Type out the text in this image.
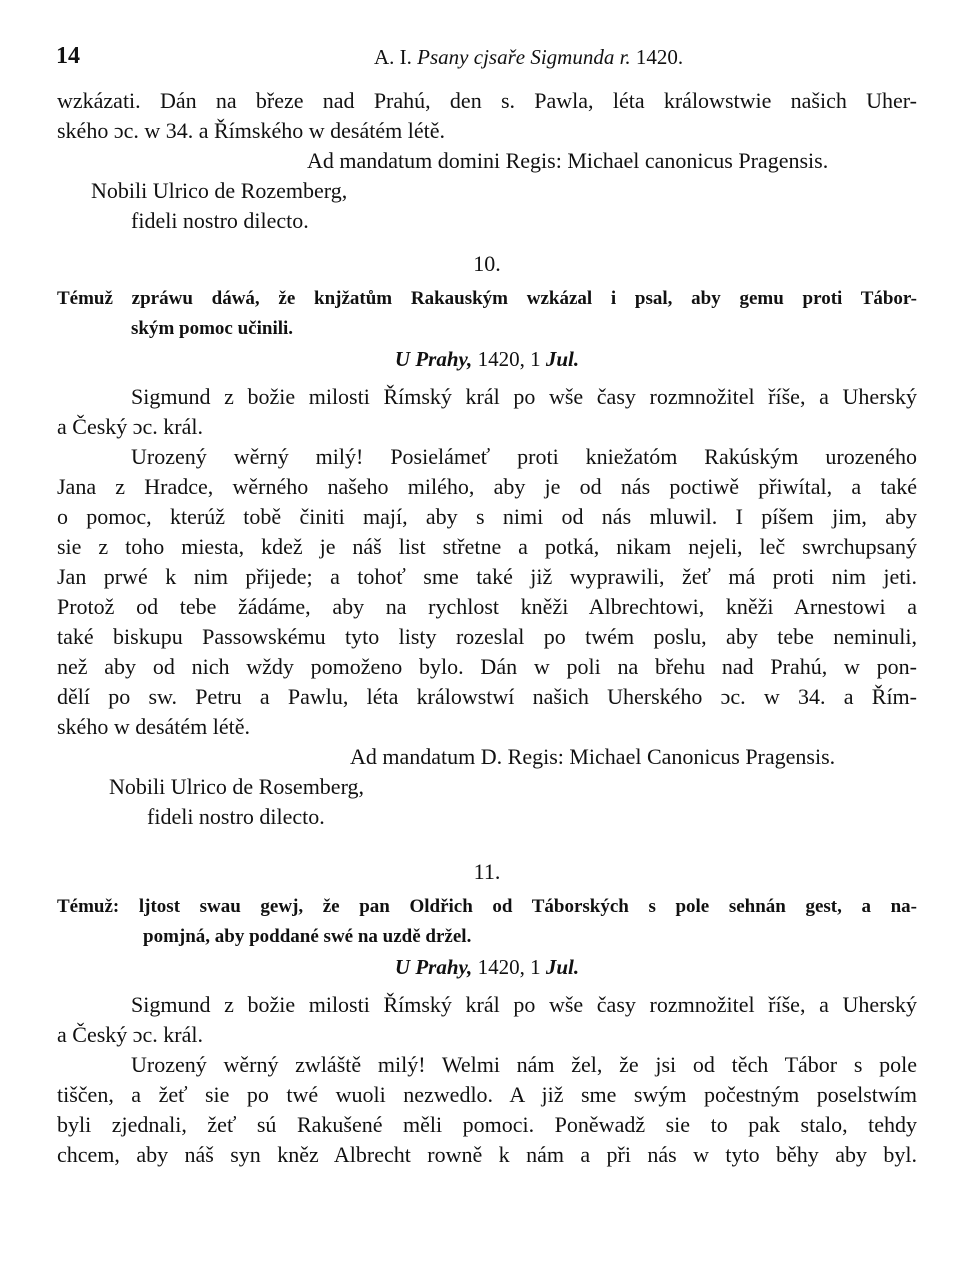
14	A. I. Psany cjsaře Sigmunda r. 1420.
wzkázati. Dán na březe nad Prahú, den s. Pawla, léta králowstwie našich Uher-
ského ɔc. w 34. a Římského w desátém létě.
Ad mandatum domini Regis: Michael canonicus Pragensis.
Nobili Ulrico de Rozemberg,
fideli nostro dilecto.
10.
Témuž zpráwu dáwá, že knjžatům Rakauským wzkázal i psal, aby gemu proti Tábor-
ským pomoc učinili.
U Prahy, 1420, 1 Jul.
Sigmund z božie milosti Římský král po wše časy rozmnožitel říše, a Uherský
a Český ɔc. král.
Urozený wěrný milý! Posielámeť proti kniežatóm Rakúským urozeného
Jana z Hradce, wěrného našeho milého, aby je od nás poctiwě přiwítal, a také
o pomoc, kterúž tobě činiti mají, aby s nimi od nás mluwil. I píšem jim, aby
sie z toho miesta, kdež je náš list střetne a potká, nikam nejeli, leč swrchupsaný
Jan prwé k nim přijede; a tohoť sme také již wyprawili, žeť má proti nim jeti.
Protož od tebe žádáme, aby na rychlost kněži Albrechtowi, kněži Arnestowi a
také biskupu Passowskému tyto listy rozeslal po twém poslu, aby tebe neminuli,
než aby od nich wždy pomoženo bylo. Dán w poli na břehu nad Prahú, w pon-
dělí po sw. Petru a Pawlu, léta králowstwí našich Uherského ɔc. w 34. a Řím-
ského w desátém létě.
Ad mandatum D. Regis: Michael Canonicus Pragensis.
Nobili Ulrico de Rosemberg,
fideli nostro dilecto.
11.
Témuž: ljtost swau gewj, že pan Oldřich od Táborských s pole sehnán gest, a na-
pomjná, aby poddané swé na uzdě držel.
U Prahy, 1420, 1 Jul.
Sigmund z božie milosti Římský král po wše časy rozmnožitel říše, a Uherský
a Český ɔc. král.
Urozený wěrný zwláště milý! Welmi nám žel, že jsi od těch Tábor s pole
tiščen, a žeť sie po twé wuoli nezwedlo. A již sme swým počestným poselstwím
byli zjednali, žeť sú Rakušené měli pomoci. Poněwadž sie to pak stalo, tehdy
chcem, aby náš syn kněz Albrecht rowně k nám a při nás w tyto běhy aby byl.
